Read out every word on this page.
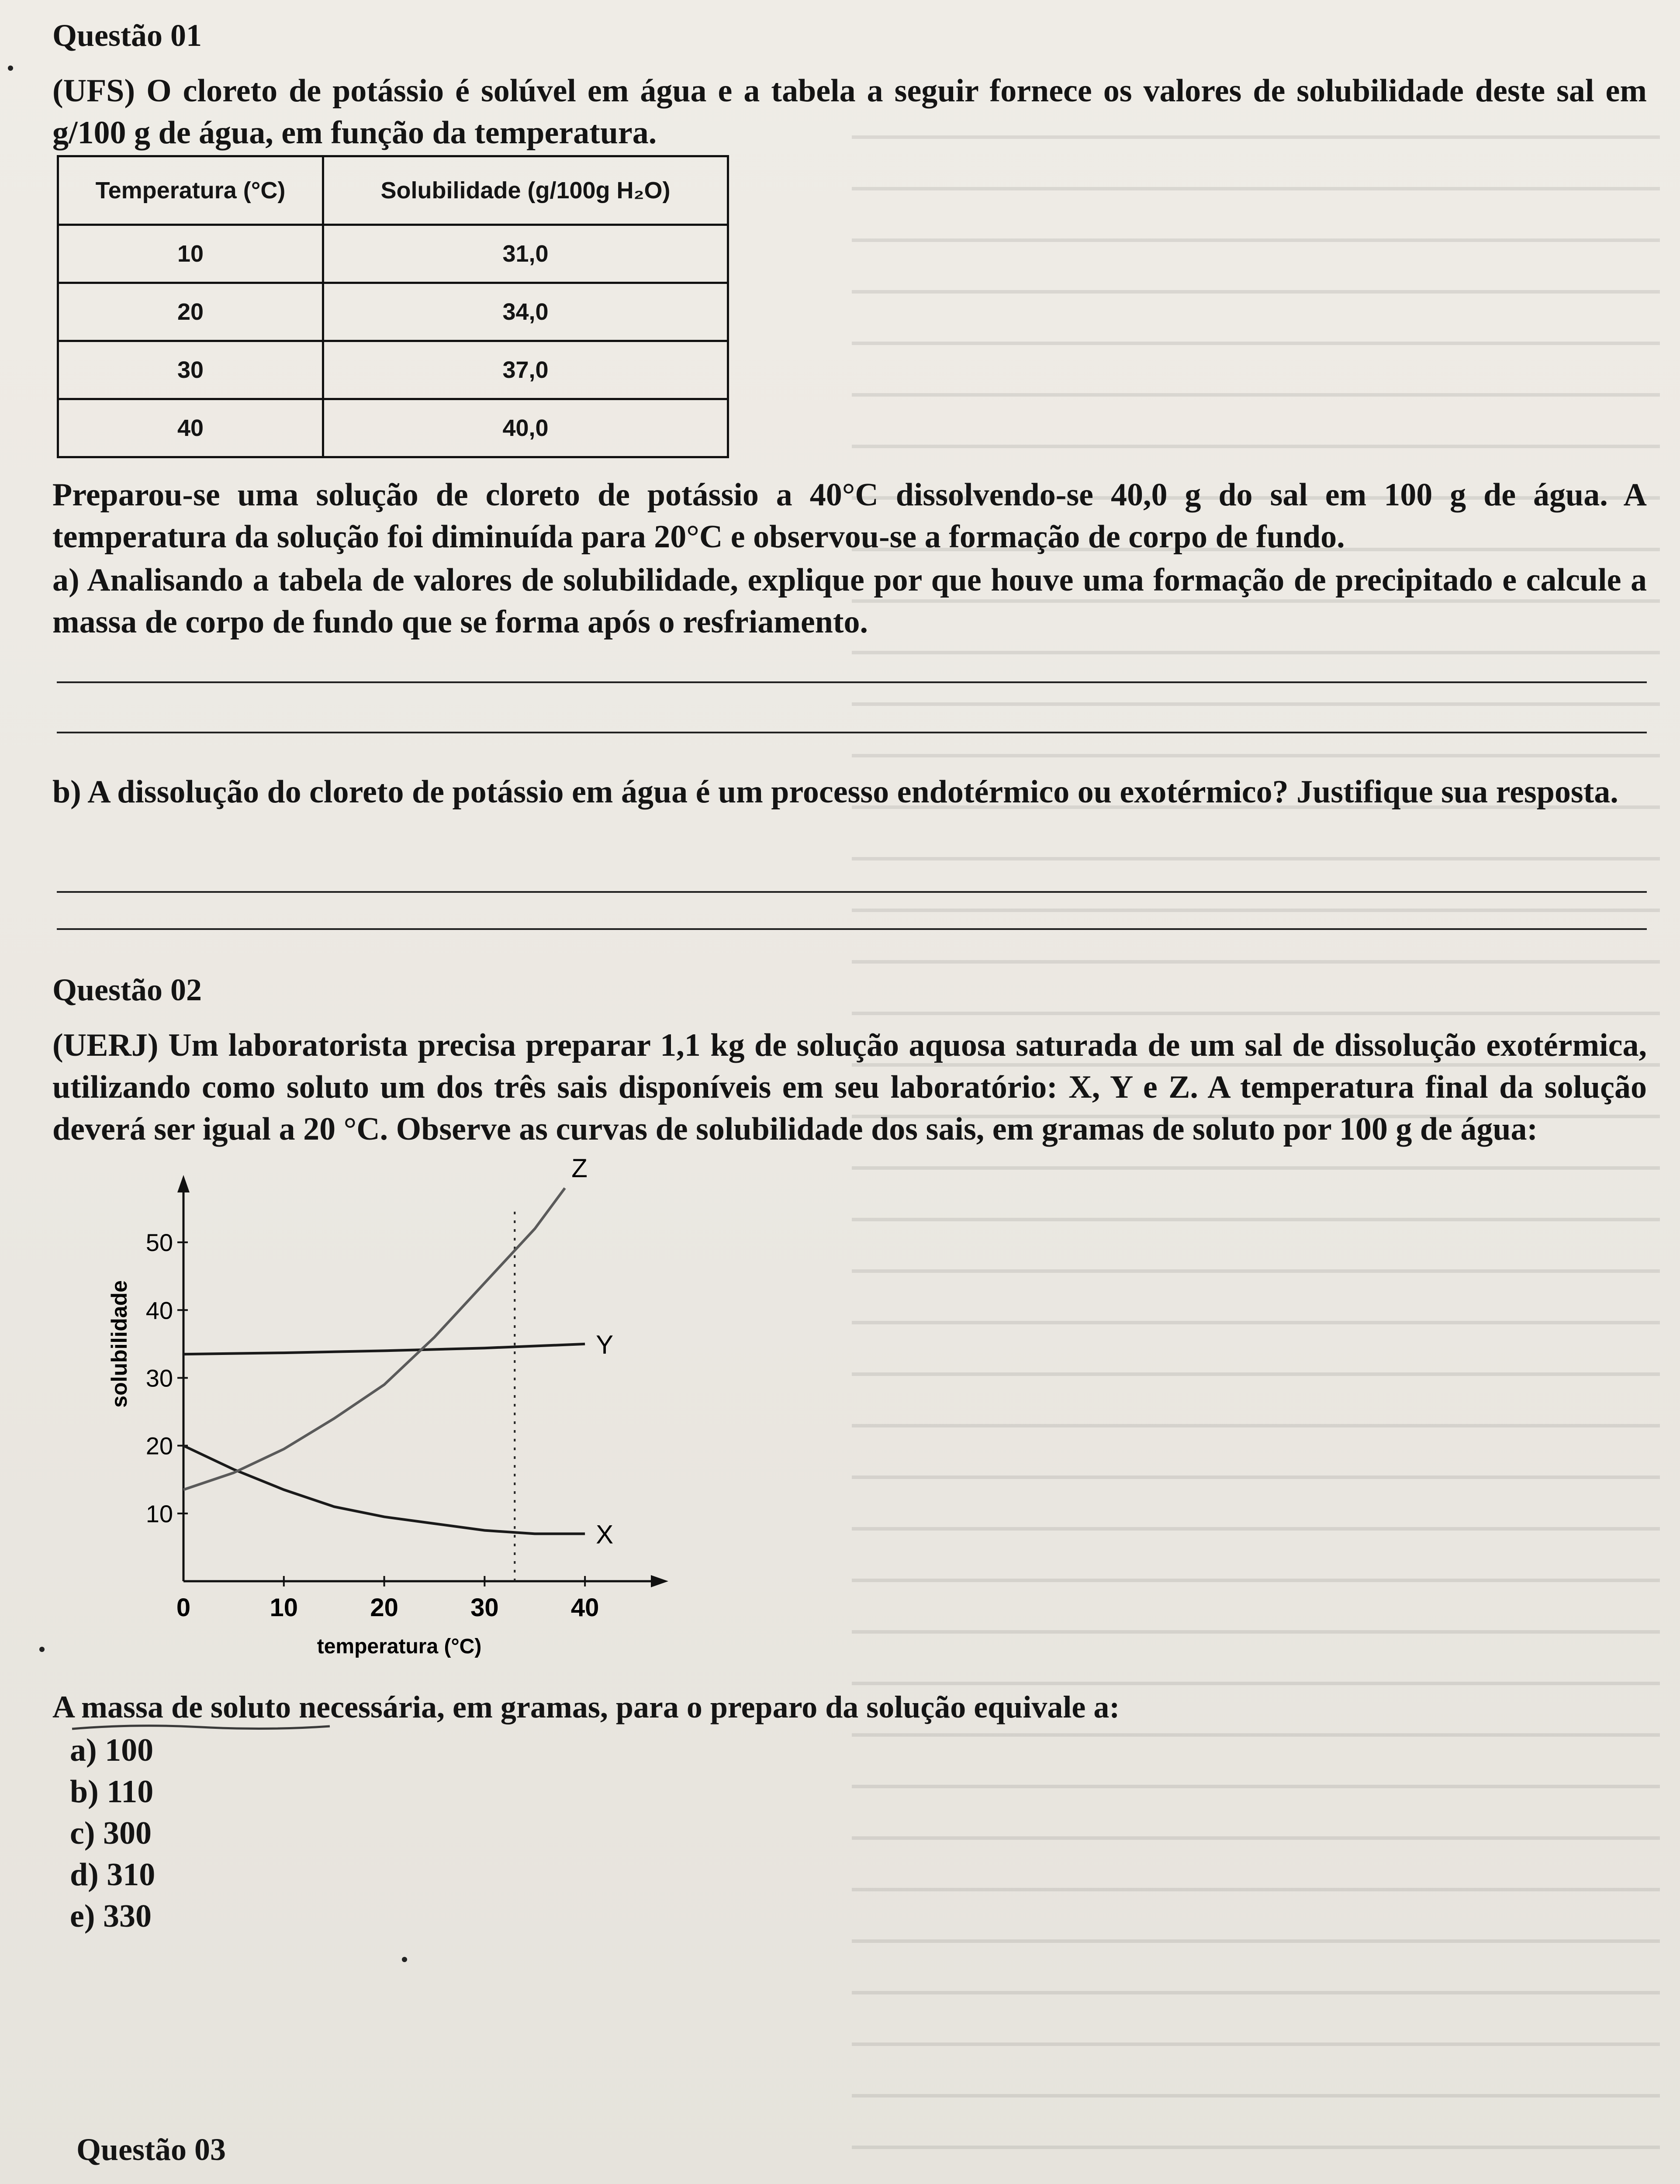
Questão 01

(UFS) O cloreto de potássio é solúvel em água e a tabela a seguir fornece os valores de solubilidade deste sal em g/100 g de água, em função da temperatura.

Temperatura (°C)	Solubilidade (g/100g H₂O)
10	31,0
20	34,0
30	37,0
40	40,0

Preparou-se uma solução de cloreto de potássio a 40°C dissolvendo-se 40,0 g do sal em 100 g de água. A temperatura da solução foi diminuída para 20°C e observou-se a formação de corpo de fundo.

a) Analisando a tabela de valores de solubilidade, explique por que houve uma formação de precipitado e calcule a massa de corpo de fundo que se forma após o resfriamento.

b) A dissolução do cloreto de potássio em água é um processo endotérmico ou exotérmico? Justifique sua resposta.

Questão 02

(UERJ) Um laboratorista precisa preparar 1,1 kg de solução aquosa saturada de um sal de dissolução exotérmica, utilizando como soluto um dos três sais disponíveis em seu laboratório: X, Y e Z. A temperatura final da solução deverá ser igual a 20 °C. Observe as curvas de solubilidade dos sais, em gramas de soluto por 100 g de água:

0	10	20	30	40
10
20
30
40
50
X
Y
Z
temperatura (°C)
solubilidade

A massa de soluto necessária, em gramas, para o preparo da solução equivale a:

a) 100

b) 110

c) 300

d) 310

e) 330

Questão 03
